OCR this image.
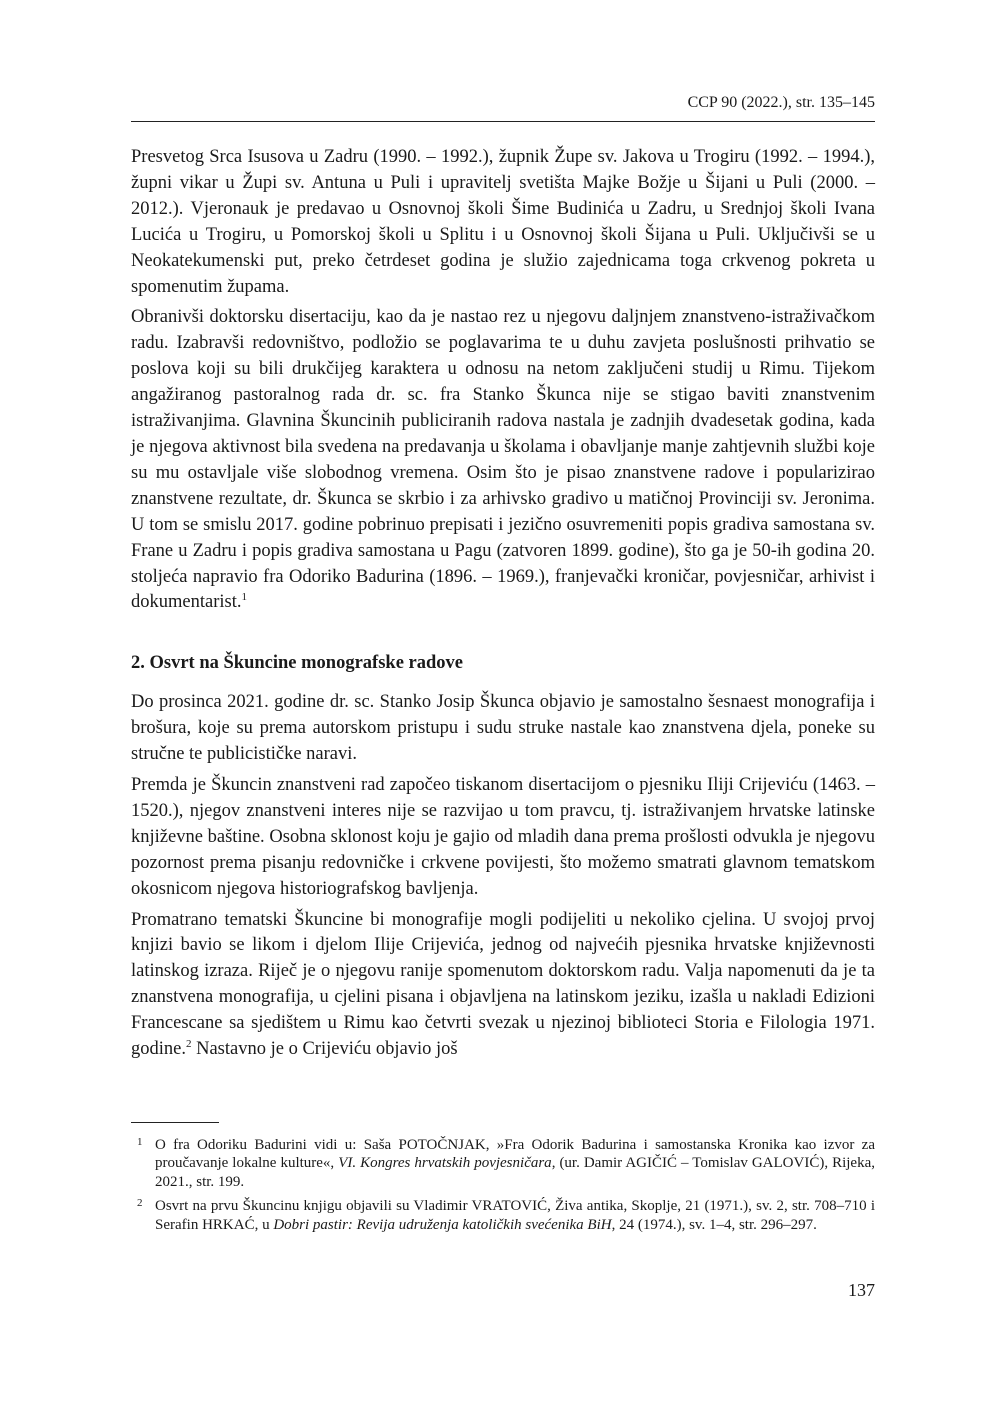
CCP 90 (2022.), str. 135–145

Presvetog Srca Isusova u Zadru (1990. – 1992.), župnik Župe sv. Jakova u Trogiru (1992. – 1994.), župni vikar u Župi sv. Antuna u Puli i upravitelj svetišta Majke Božje u Šijani u Puli (2000. – 2012.). Vjeronauk je predavao u Osnovnoj školi Šime Budinića u Zadru, u Srednjoj školi Ivana Lucića u Trogiru, u Pomorskoj školi u Splitu i u Osnovnoj školi Šijana u Puli. Uključivši se u Neokatekumenski put, preko četrdeset godina je služio zajednicama toga crkvenog pokreta u spomenutim župama.

Obranivši doktorsku disertaciju, kao da je nastao rez u njegovu daljnjem znanstveno-istraživačkom radu. Izabravši redovništvo, podložio se poglavarima te u duhu zavjeta poslušnosti prihvatio se poslova koji su bili drukčijeg karaktera u odnosu na netom zaključeni studij u Rimu. Tijekom angažiranog pastoralnog rada dr. sc. fra Stanko Škunca nije se stigao baviti znanstvenim istraživanjima. Glavnina Škuncinih publiciranih radova nastala je zadnjih dvadesetak godina, kada je njegova aktivnost bila svedena na predavanja u školama i obavljanje manje zahtjevnih službi koje su mu ostavljale više slobodnog vremena. Osim što je pisao znanstvene radove i popularizirao znanstvene rezultate, dr. Škunca se skrbio i za arhivsko gradivo u matičnoj Provinciji sv. Jeronima. U tom se smislu 2017. godine pobrinuo prepisati i jezično osuvremeniti popis gradiva samostana sv. Frane u Zadru i popis gradiva samostana u Pagu (zatvoren 1899. godine), što ga je 50-ih godina 20. stoljeća napravio fra Odoriko Badurina (1896. – 1969.), franjevački kroničar, povjesničar, arhivist i dokumentarist.$^1$

2. Osvrt na Škuncine monografske radove

Do prosinca 2021. godine dr. sc. Stanko Josip Škunca objavio je samostalno šesnaest monografija i brošura, koje su prema autorskom pristupu i sudu struke nastale kao znanstvena djela, poneke su stručne te publicističke naravi.

Premda je Škuncin znanstveni rad započeo tiskanom disertacijom o pjesniku Iliji Crijeviću (1463. – 1520.), njegov znanstveni interes nije se razvijao u tom pravcu, tj. istraživanjem hrvatske latinske književne baštine. Osobna sklonost koju je gajio od mladih dana prema prošlosti odvukla je njegovu pozornost prema pisanju redovničke i crkvene povijesti, što možemo smatrati glavnom tematskom okosnicom njegova historiografskog bavljenja.

Promatrano tematski Škuncine bi monografije mogli podijeliti u nekoliko cjelina. U svojoj prvoj knjizi bavio se likom i djelom Ilije Crijevića, jednog od najvećih pjesnika hrvatske književnosti latinskog izraza. Riječ je o njegovu ranije spomenutom doktorskom radu. Valja napomenuti da je ta znanstvena monografija, u cjelini pisana i objavljena na latinskom jeziku, izašla u nakladi Edizioni Francescane sa sjedištem u Rimu kao četvrti svezak u njezinoj biblioteci Storia e Filologia 1971. godine.$^2$ Nastavno je o Crijeviću objavio još

1 O fra Odoriku Badurini vidi u: Saša POTOČNJAK, »Fra Odorik Badurina i samostanska Kronika kao izvor za proučavanje lokalne kulture«, VI. Kongres hrvatskih povjesničara, (ur. Damir AGIČIĆ – Tomislav GALOVIĆ), Rijeka, 2021., str. 199.
2 Osvrt na prvu Škuncinu knjigu objavili su Vladimir VRATOVIĆ, Živa antika, Skoplje, 21 (1971.), sv. 2, str. 708–710 i Serafin HRKAĆ, u Dobri pastir: Revija udruženja katoličkih svećenika BiH, 24 (1974.), sv. 1–4, str. 296–297.
137
